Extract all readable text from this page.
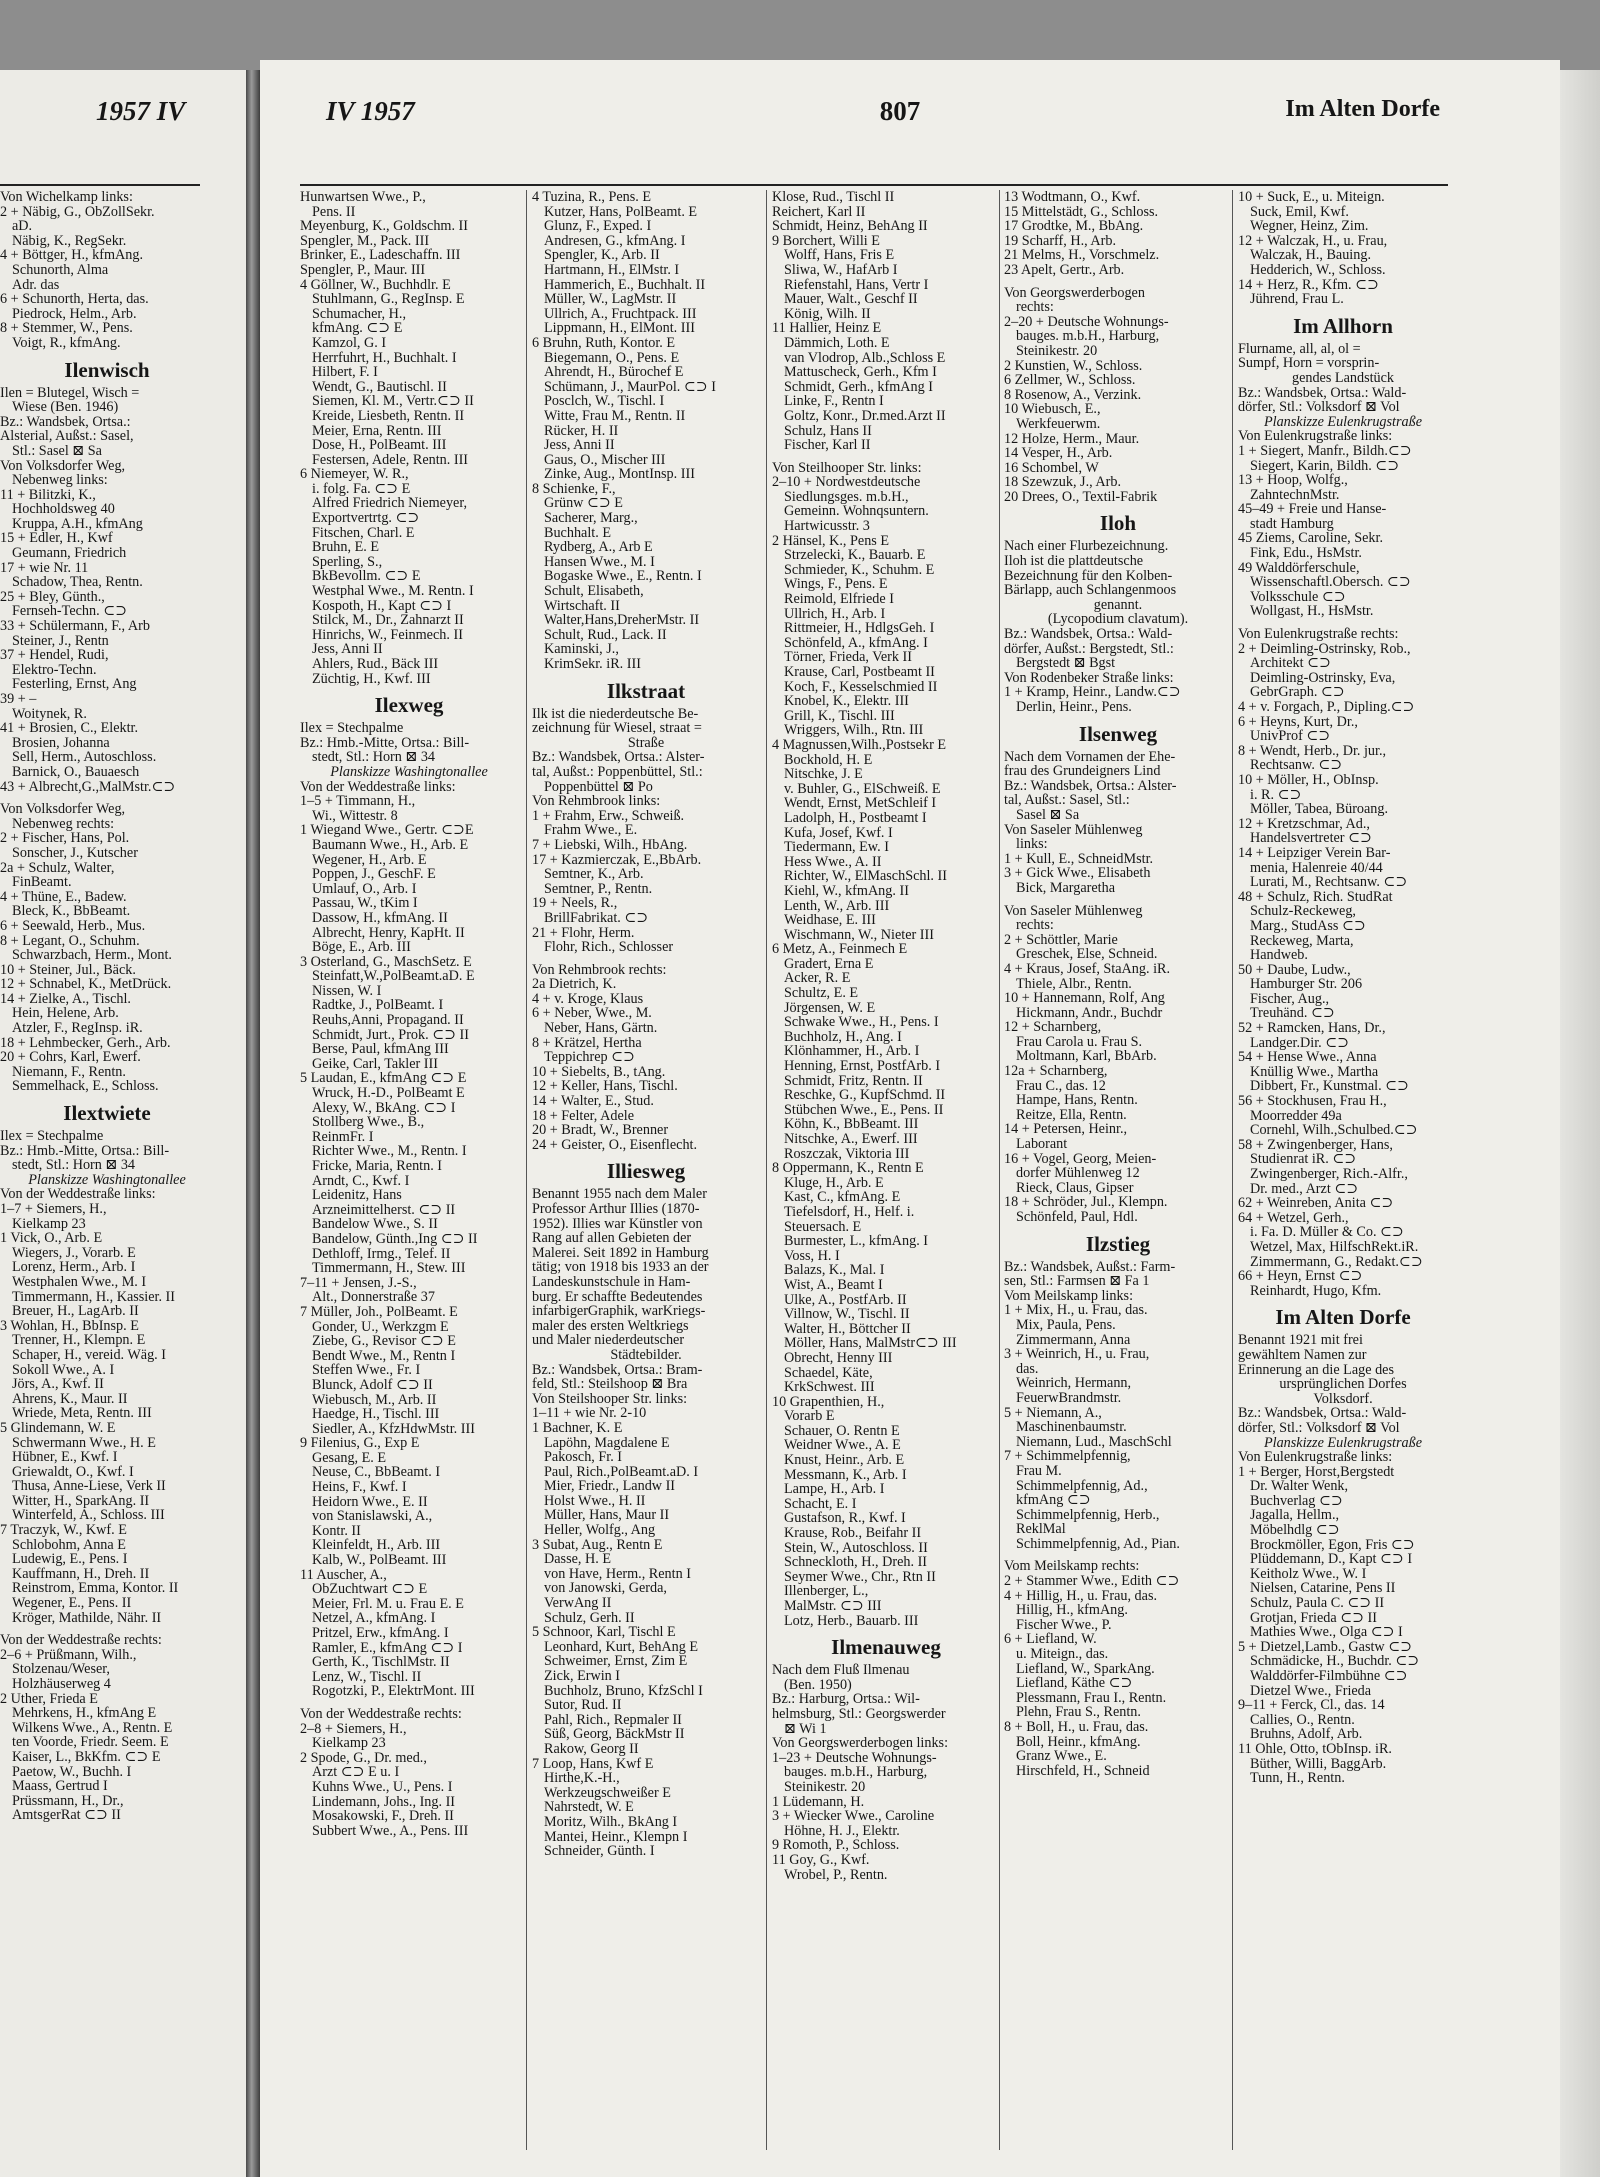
1957 IV	IV 1957	807	Im Alten Dorfe
Von Wichelkamp links:
2 + Näbig, G., ObZollSekr.
aD.
Näbig, K., RegSekr.
4 + Böttger, H., kfmAng.
Schunorth, Alma
Adr. das
6 + Schunorth, Herta, das.
Piedrock, Helm., Arb.
8 + Stemmer, W., Pens.
Voigt, R., kfmAng.
Ilenwisch
Ilen = Blutegel, Wisch =
Wiese (Ben. 1946)
Bz.: Wandsbek, Ortsa.:
Alsterial, Außst.: Sasel,
Stl.: Sasel ⊠ Sa
Von Volksdorfer Weg,
Nebenweg links:
11 + Bilitzki, K.,
Hochholdsweg 40
Kruppa, A.H., kfmAng
15 + Edler, H., Kwf
Geumann, Friedrich
17 + wie Nr. 11
Schadow, Thea, Rentn.
25 + Bley, Günth.,
Fernseh-Techn. ⊂⊃
33 + Schülermann, F., Arb
Steiner, J., Rentn
37 + Hendel, Rudi,
Elektro-Techn.
Festerling, Ernst, Ang
39 + –
Woitynek, R.
41 + Brosien, C., Elektr.
Brosien, Johanna
Sell, Herm., Autoschloss.
Barnick, O., Bauaesch
43 + Albrecht,G.,MalMstr.⊂⊃
Von Volksdorfer Weg,
Nebenweg rechts:
2 + Fischer, Hans, Pol.
Sonscher, J., Kutscher
2a + Schulz, Walter,
FinBeamt.
4 + Thüne, E., Badew.
Bleck, K., BbBeamt.
6 + Seewald, Herb., Mus.
8 + Legant, O., Schuhm.
Schwarzbach, Herm., Mont.
10 + Steiner, Jul., Bäck.
12 + Schnabel, K., MetDrück.
14 + Zielke, A., Tischl.
Hein, Helene, Arb.
Atzler, F., RegInsp. iR.
18 + Lehmbecker, Gerh., Arb.
20 + Cohrs, Karl, Ewerf.
Niemann, F., Rentn.
Semmelhack, E., Schloss.
Ilextwiete
Ilex = Stechpalme
Bz.: Hmb.-Mitte, Ortsa.: Bill-
stedt, Stl.: Horn ⊠ 34
Planskizze Washingtonallee
Von der Weddestraße links:
1–7 + Siemers, H.,
Kielkamp 23
1 Vick, O., Arb. E
Wiegers, J., Vorarb. E
Lorenz, Herm., Arb. I
Westphalen Wwe., M. I
Timmermann, H., Kassier. II
Breuer, H., LagArb. II
3 Wohlan, H., BbInsp. E
Trenner, H., Klempn. E
Schaper, H., vereid. Wäg. I
Sokoll Wwe., A. I
Jörs, A., Kwf. II
Ahrens, K., Maur. II
Wriede, Meta, Rentn. III
5 Glindemann, W. E
Schwermann Wwe., H. E
Hübner, E., Kwf. I
Griewaldt, O., Kwf. I
Thusa, Anne-Liese, Verk II
Witter, H., SparkAng. II
Winterfeld, A., Schloss. III
7 Traczyk, W., Kwf. E
Schlobohm, Anna E
Ludewig, E., Pens. I
Kauffmann, H., Dreh. II
Reinstrom, Emma, Kontor. II
Wegener, E., Pens. II
Kröger, Mathilde, Nähr. II
Von der Weddestraße rechts:
2–6 + Prüßmann, Wilh.,
Stolzenau/Weser,
Holzhäuserweg 4
2 Uther, Frieda E
Mehrkens, H., kfmAng E
Wilkens Wwe., A., Rentn. E
ten Voorde, Friedr. Seem. E
Kaiser, L., BkKfm. ⊂⊃ E
Paetow, W., Buchh. I
Maass, Gertrud I
Prüssmann, H., Dr.,
AmtsgerRat ⊂⊃ II
Hunwartsen Wwe., P.,
Pens. II
Meyenburg, K., Goldschm. II
Spengler, M., Pack. III
Brinker, E., Ladeschaffn. III
Spengler, P., Maur. III
4 Göllner, W., Buchhdlr. E
Stuhlmann, G., RegInsp. E
Schumacher, H.,
kfmAng. ⊂⊃ E
Kamzol, G. I
Herrfuhrt, H., Buchhalt. I
Hilbert, F. I
Wendt, G., Bautischl. II
Siemen, Kl. M., Vertr.⊂⊃ II
Kreide, Liesbeth, Rentn. II
Meier, Erna, Rentn. III
Dose, H., PolBeamt. III
Festersen, Adele, Rentn. III
6 Niemeyer, W. R.,
i. folg. Fa. ⊂⊃ E
Alfred Friedrich Niemeyer,
Exportvertrtg. ⊂⊃
Fitschen, Charl. E
Bruhn, E. E
Sperling, S.,
BkBevollm. ⊂⊃ E
Westphal Wwe., M. Rentn. I
Kospoth, H., Kapt ⊂⊃ I
Stilck, M., Dr., Zahnarzt II
Hinrichs, W., Feinmech. II
Jess, Anni II
Ahlers, Rud., Bäck III
Züchtig, H., Kwf. III
Ilexweg
Ilex = Stechpalme
Bz.: Hmb.-Mitte, Ortsa.: Bill-
stedt, Stl.: Horn ⊠ 34
Planskizze Washingtonallee
Von der Weddestraße links:
1–5 + Timmann, H.,
Wi., Wittestr. 8
1 Wiegand Wwe., Gertr. ⊂⊃E
Baumann Wwe., H., Arb. E
Wegener, H., Arb. E
Poppen, J., GeschF. E
Umlauf, O., Arb. I
Passau, W., tKim I
Dassow, H., kfmAng. II
Albrecht, Henry, KapHt. II
Böge, E., Arb. III
3 Osterland, G., MaschSetz. E
Steinfatt,W.,PolBeamt.aD. E
Nissen, W. I
Radtke, J., PolBeamt. I
Reuhs,Anni, Propagand. II
Schmidt, Jurt., Prok. ⊂⊃ II
Berse, Paul, kfmAng III
Geike, Carl, Takler III
5 Laudan, E., kfmAng ⊂⊃ E
Wruck, H.-D., PolBeamt E
Alexy, W., BkAng. ⊂⊃ I
Stollberg Wwe., B.,
ReinmFr. I
Richter Wwe., M., Rentn. I
Fricke, Maria, Rentn. I
Arndt, C., Kwf. I
Leidenitz, Hans
Arzneimittelherst. ⊂⊃ II
Bandelow Wwe., S. II
Bandelow, Günth.,Ing ⊂⊃ II
Dethloff, Irmg., Telef. II
Timmermann, H., Stew. III
7–11 + Jensen, J.-S.,
Alt., Donnerstraße 37
7 Müller, Joh., PolBeamt. E
Gonder, U., Werkzgm E
Ziebe, G., Revisor ⊂⊃ E
Bendt Wwe., M., Rentn I
Steffen Wwe., Fr. I
Blunck, Adolf ⊂⊃ II
Wiebusch, M., Arb. II
Haedge, H., Tischl. III
Siedler, A., KfzHdwMstr. III
9 Filenius, G., Exp E
Gesang, E. E
Neuse, C., BbBeamt. I
Heins, F., Kwf. I
Heidorn Wwe., E. II
von Stanislawski, A.,
Kontr. II
Kleinfeldt, H., Arb. III
Kalb, W., PolBeamt. III
11 Auscher, A.,
ObZuchtwart ⊂⊃ E
Meier, Frl. M. u. Frau E. E
Netzel, A., kfmAng. I
Pritzel, Erw., kfmAng. I
Ramler, E., kfmAng ⊂⊃ I
Gerth, K., TischlMstr. II
Lenz, W., Tischl. II
Rogotzki, P., ElektrMont. III
Von der Weddestraße rechts:
2–8 + Siemers, H.,
Kielkamp 23
2 Spode, G., Dr. med.,
Arzt ⊂⊃ E u. I
Kuhns Wwe., U., Pens. I
Lindemann, Johs., Ing. II
Mosakowski, F., Dreh. II
Subbert Wwe., A., Pens. III
4 Tuzina, R., Pens. E
Kutzer, Hans, PolBeamt. E
Glunz, F., Exped. I
Andresen, G., kfmAng. I
Spengler, K., Arb. II
Hartmann, H., ElMstr. I
Hammerich, E., Buchhalt. II
Müller, W., LagMstr. II
Ullrich, A., Fruchtpack. III
Lippmann, H., ElMont. III
6 Bruhn, Ruth, Kontor. E
Biegemann, O., Pens. E
Ahrendt, H., Bürochef E
Schümann, J., MaurPol. ⊂⊃ I
Posclch, W., Tischl. I
Witte, Frau M., Rentn. II
Rücker, H. II
Jess, Anni II
Gaus, O., Mischer III
Zinke, Aug., MontInsp. III
8 Schienke, F.,
Grünw ⊂⊃ E
Sacherer, Marg.,
Buchhalt. E
Rydberg, A., Arb E
Hansen Wwe., M. I
Bogaske Wwe., E., Rentn. I
Schult, Elisabeth,
Wirtschaft. II
Walter,Hans,DreherMstr. II
Schult, Rud., Lack. II
Kaminski, J.,
KrimSekr. iR. III
Ilkstraat
Ilk ist die niederdeutsche Be-
zeichnung für Wiesel, straat =
Straße
Bz.: Wandsbek, Ortsa.: Alster-
tal, Außst.: Poppenbüttel, Stl.:
Poppenbüttel ⊠ Po
Von Rehmbrook links:
1 + Frahm, Erw., Schweiß.
Frahm Wwe., E.
7 + Liebski, Wilh., HbAng.
17 + Kazmierczak, E.,BbArb.
Semtner, K., Arb.
Semtner, P., Rentn.
19 + Neels, R.,
BrillFabrikat. ⊂⊃
21 + Flohr, Herm.
Flohr, Rich., Schlosser
Von Rehmbrook rechts:
2a Dietrich, K.
4 + v. Kroge, Klaus
6 + Neber, Wwe., M.
Neber, Hans, Gärtn.
8 + Krätzel, Hertha
Teppichrep ⊂⊃
10 + Siebelts, B., tAng.
12 + Keller, Hans, Tischl.
14 + Walter, E., Stud.
18 + Felter, Adele
20 + Bradt, W., Brenner
24 + Geister, O., Eisenflecht.
Illiesweg
Benannt 1955 nach dem Maler
Professor Arthur Illies (1870-
1952). Illies war Künstler von
Rang auf allen Gebieten der
Malerei. Seit 1892 in Hamburg
tätig; von 1918 bis 1933 an der
Landeskunstschule in Ham-
burg. Er schaffte Bedeutendes
infarbigerGraphik, warKriegs-
maler des ersten Weltkriegs
und Maler niederdeutscher
Städtebilder.
Bz.: Wandsbek, Ortsa.: Bram-
feld, Stl.: Steilshoop ⊠ Bra
Von Steilshooper Str. links:
1–11 + wie Nr. 2-10
1 Bachner, K. E
Lapöhn, Magdalene E
Pakosch, Fr. I
Paul, Rich.,PolBeamt.aD. I
Mier, Friedr., Landw II
Holst Wwe., H. II
Müller, Hans, Maur II
Heller, Wolfg., Ang
3 Subat, Aug., Rentn E
Dasse, H. E
von Have, Herm., Rentn I
von Janowski, Gerda,
VerwAng II
Schulz, Gerh. II
5 Schnoor, Karl, Tischl E
Leonhard, Kurt, BehAng E
Schweimer, Ernst, Zim E
Zick, Erwin I
Buchholz, Bruno, KfzSchl I
Sutor, Rud. II
Pahl, Rich., Repmaler II
Süß, Georg, BäckMstr II
Rakow, Georg II
7 Loop, Hans, Kwf E
Hirthe,K.-H.,
Werkzeugschweißer E
Nahrstedt, W. E
Moritz, Wilh., BkAng I
Mantei, Heinr., Klempn I
Schneider, Günth. I
Klose, Rud., Tischl II
Reichert, Karl II
Schmidt, Heinz, BehAng II
9 Borchert, Willi E
Wolff, Hans, Fris E
Sliwa, W., HafArb I
Riefenstahl, Hans, Vertr I
Mauer, Walt., Geschf II
König, Wilh. II
11 Hallier, Heinz E
Dämmich, Loth. E
van Vlodrop, Alb.,Schloss E
Mattuscheck, Gerh., Kfm I
Schmidt, Gerh., kfmAng I
Linke, F., Rentn I
Goltz, Konr., Dr.med.Arzt II
Schulz, Hans II
Fischer, Karl II
Von Steilhooper Str. links:
2–10 + Nordwestdeutsche
Siedlungsges. m.b.H.,
Gemeinn. Wohnqsuntern.
Hartwicusstr. 3
2 Hänsel, K., Pens E
Strzelecki, K., Bauarb. E
Schmieder, K., Schuhm. E
Wings, F., Pens. E
Reimold, Elfriede I
Ullrich, H., Arb. I
Rittmeier, H., HdlgsGeh. I
Schönfeld, A., kfmAng. I
Törner, Frieda, Verk II
Krause, Carl, Postbeamt II
Koch, F., Kesselschmied II
Knobel, K., Elektr. III
Grill, K., Tischl. III
Wriggers, Wilh., Rtn. III
4 Magnussen,Wilh.,Postsekr E
Bockhold, H. E
Nitschke, J. E
v. Buhler, G., ElSchweiß. E
Wendt, Ernst, MetSchleif I
Ladolph, H., Postbeamt I
Kufa, Josef, Kwf. I
Tiedermann, Ew. I
Hess Wwe., A. II
Richter, W., ElMaschSchl. II
Kiehl, W., kfmAng. II
Lenth, W., Arb. III
Weidhase, E. III
Wischmann, W., Nieter III
6 Metz, A., Feinmech E
Gradert, Erna E
Acker, R. E
Schultz, E. E
Jörgensen, W. E
Schwake Wwe., H., Pens. I
Buchholz, H., Ang. I
Klönhammer, H., Arb. I
Henning, Ernst, PostfArb. I
Schmidt, Fritz, Rentn. II
Reschke, G., KupfSchmd. II
Stübchen Wwe., E., Pens. II
Köhn, K., BbBeamt. III
Nitschke, A., Ewerf. III
Roszczak, Viktoria III
8 Oppermann, K., Rentn E
Kluge, H., Arb. E
Kast, C., kfmAng. E
Tiefelsdorf, H., Helf. i.
Steuersach. E
Burmester, L., kfmAng. I
Voss, H. I
Balazs, K., Mal. I
Wist, A., Beamt I
Ulke, A., PostfArb. II
Villnow, W., Tischl. II
Walter, H., Böttcher II
Möller, Hans, MalMstr⊂⊃ III
Obrecht, Henny III
Schaedel, Käte,
KrkSchwest. III
10 Grapenthien, H.,
Vorarb E
Schauer, O. Rentn E
Weidner Wwe., A. E
Knust, Heinr., Arb. E
Messmann, K., Arb. I
Lampe, H., Arb. I
Schacht, E. I
Gustafson, R., Kwf. I
Krause, Rob., Beifahr II
Stein, W., Autoschloss. II
Schneckloth, H., Dreh. II
Seymer Wwe., Chr., Rtn II
Illenberger, L.,
MalMstr. ⊂⊃ III
Lotz, Herb., Bauarb. III
Ilmenauweg
Nach dem Fluß Ilmenau
(Ben. 1950)
Bz.: Harburg, Ortsa.: Wil-
helmsburg, Stl.: Georgswerder
⊠ Wi 1
Von Georgswerderbogen links:
1–23 + Deutsche Wohnungs-
bauges. m.b.H., Harburg,
Steinikestr. 20
1 Lüdemann, H.
3 + Wiecker Wwe., Caroline
Höhne, H. J., Elektr.
9 Romoth, P., Schloss.
11 Goy, G., Kwf.
Wrobel, P., Rentn.
13 Wodtmann, O., Kwf.
15 Mittelstädt, G., Schloss.
17 Grodtke, M., BbAng.
19 Scharff, H., Arb.
21 Melms, H., Vorschmelz.
23 Apelt, Gertr., Arb.
Von Georgswerderbogen
rechts:
2–20 + Deutsche Wohnungs-
bauges. m.b.H., Harburg,
Steinikestr. 20
2 Kunstien, W., Schloss.
6 Zellmer, W., Schloss.
8 Rosenow, A., Verzink.
10 Wiebusch, E.,
Werkfeuerwm.
12 Holze, Herm., Maur.
14 Vesper, H., Arb.
16 Schombel, W
18 Szewzuk, J., Arb.
20 Drees, O., Textil-Fabrik
Iloh
Nach einer Flurbezeichnung.
Iloh ist die plattdeutsche
Bezeichnung für den Kolben-
Bärlapp, auch Schlangenmoos
genannt.
(Lycopodium clavatum).
Bz.: Wandsbek, Ortsa.: Wald-
dörfer, Außst.: Bergstedt, Stl.:
Bergstedt ⊠ Bgst
Von Rodenbeker Straße links:
1 + Kramp, Heinr., Landw.⊂⊃
Derlin, Heinr., Pens.
Ilsenweg
Nach dem Vornamen der Ehe-
frau des Grundeigners Lind
Bz.: Wandsbek, Ortsa.: Alster-
tal, Außst.: Sasel, Stl.:
Sasel ⊠ Sa
Von Saseler Mühlenweg
links:
1 + Kull, E., SchneidMstr.
3 + Gick Wwe., Elisabeth
Bick, Margaretha
Von Saseler Mühlenweg
rechts:
2 + Schöttler, Marie
Greschek, Else, Schneid.
4 + Kraus, Josef, StaAng. iR.
Thiele, Albr., Rentn.
10 + Hannemann, Rolf, Ang
Hickmann, Andr., Buchdr
12 + Scharnberg,
Frau Carola u. Frau S.
Moltmann, Karl, BbArb.
12a + Scharnberg,
Frau C., das. 12
Hampe, Hans, Rentn.
Reitze, Ella, Rentn.
14 + Petersen, Heinr.,
Laborant
16 + Vogel, Georg, Meien-
dorfer Mühlenweg 12
Rieck, Claus, Gipser
18 + Schröder, Jul., Klempn.
Schönfeld, Paul, Hdl.
Ilzstieg
Bz.: Wandsbek, Außst.: Farm-
sen, Stl.: Farmsen ⊠ Fa 1
Vom Meilskamp links:
1 + Mix, H., u. Frau, das.
Mix, Paula, Pens.
Zimmermann, Anna
3 + Weinrich, H., u. Frau,
das.
Weinrich, Hermann,
FeuerwBrandmstr.
5 + Niemann, A.,
Maschinenbaumstr.
Niemann, Lud., MaschSchl
7 + Schimmelpfennig,
Frau M.
Schimmelpfennig, Ad.,
kfmAng ⊂⊃
Schimmelpfennig, Herb.,
ReklMal
Schimmelpfennig, Ad., Pian.
Vom Meilskamp rechts:
2 + Stammer Wwe., Edith ⊂⊃
4 + Hillig, H., u. Frau, das.
Hillig, H., kfmAng.
Fischer Wwe., P.
6 + Liefland, W.
u. Miteign., das.
Liefland, W., SparkAng.
Liefland, Käthe ⊂⊃
Plessmann, Frau I., Rentn.
Plehn, Frau S., Rentn.
8 + Boll, H., u. Frau, das.
Boll, Heinr., kfmAng.
Granz Wwe., E.
Hirschfeld, H., Schneid
10 + Suck, E., u. Miteign.
Suck, Emil, Kwf.
Wegner, Heinz, Zim.
12 + Walczak, H., u. Frau,
Walczak, H., Bauing.
Hedderich, W., Schloss.
14 + Herz, R., Kfm. ⊂⊃
Jührend, Frau L.
Im Allhorn
Flurname, all, al, ol =
Sumpf, Horn = vorsprin-
gendes Landstück
Bz.: Wandsbek, Ortsa.: Wald-
dörfer, Stl.: Volksdorf ⊠ Vol
Planskizze Eulenkrugstraße
Von Eulenkrugstraße links:
1 + Siegert, Manfr., Bildh.⊂⊃
Siegert, Karin, Bildh. ⊂⊃
13 + Hoop, Wolfg.,
ZahntechnMstr.
45–49 + Freie und Hanse-
stadt Hamburg
45 Ziems, Caroline, Sekr.
Fink, Edu., HsMstr.
49 Walddörferschule,
Wissenschaftl.Obersch. ⊂⊃
Volksschule ⊂⊃
Wollgast, H., HsMstr.
Von Eulenkrugstraße rechts:
2 + Deimling-Ostrinsky, Rob.,
Architekt ⊂⊃
Deimling-Ostrinsky, Eva,
GebrGraph. ⊂⊃
4 + v. Forgach, P., Dipling.⊂⊃
6 + Heyns, Kurt, Dr.,
UnivProf ⊂⊃
8 + Wendt, Herb., Dr. jur.,
Rechtsanw. ⊂⊃
10 + Möller, H., ObInsp.
i. R. ⊂⊃
Möller, Tabea, Büroang.
12 + Kretzschmar, Ad.,
Handelsvertreter ⊂⊃
14 + Leipziger Verein Bar-
menia, Halenreie 40/44
Lurati, M., Rechtsanw. ⊂⊃
48 + Schulz, Rich. StudRat
Schulz-Reckeweg,
Marg., StudAss ⊂⊃
Reckeweg, Marta,
Handweb.
50 + Daube, Ludw.,
Hamburger Str. 206
Fischer, Aug.,
Treuhänd. ⊂⊃
52 + Ramcken, Hans, Dr.,
Landger.Dir. ⊂⊃
54 + Hense Wwe., Anna
Knüllig Wwe., Martha
Dibbert, Fr., Kunstmal. ⊂⊃
56 + Stockhusen, Frau H.,
Moorredder 49a
Cornehl, Wilh.,Schulbed.⊂⊃
58 + Zwingenberger, Hans,
Studienrat iR. ⊂⊃
Zwingenberger, Rich.-Alfr.,
Dr. med., Arzt ⊂⊃
62 + Weinreben, Anita ⊂⊃
64 + Wetzel, Gerh.,
i. Fa. D. Müller & Co. ⊂⊃
Wetzel, Max, HilfschRekt.iR.
Zimmermann, G., Redakt.⊂⊃
66 + Heyn, Ernst ⊂⊃
Reinhardt, Hugo, Kfm.
Im Alten Dorfe
Benannt 1921 mit frei
gewähltem Namen zur
Erinnerung an die Lage des
ursprünglichen Dorfes
Volksdorf.
Bz.: Wandsbek, Ortsa.: Wald-
dörfer, Stl.: Volksdorf ⊠ Vol
Planskizze Eulenkrugstraße
Von Eulenkrugstraße links:
1 + Berger, Horst,Bergstedt
Dr. Walter Wenk,
Buchverlag ⊂⊃
Jagalla, Hellm.,
Möbelhdlg ⊂⊃
Brockmöller, Egon, Fris ⊂⊃
Plüddemann, D., Kapt ⊂⊃ I
Keitholz Wwe., W. I
Nielsen, Catarine, Pens II
Schulz, Paula C. ⊂⊃ II
Grotjan, Frieda ⊂⊃ II
Mathies Wwe., Olga ⊂⊃ I
5 + Dietzel,Lamb., Gastw ⊂⊃
Schmädicke, H., Buchdr. ⊂⊃
Walddörfer-Filmbühne ⊂⊃
Dietzel Wwe., Frieda
9–11 + Ferck, Cl., das. 14
Callies, O., Rentn.
Bruhns, Adolf, Arb.
11 Ohle, Otto, tObInsp. iR.
Büther, Willi, BaggArb.
Tunn, H., Rentn.
